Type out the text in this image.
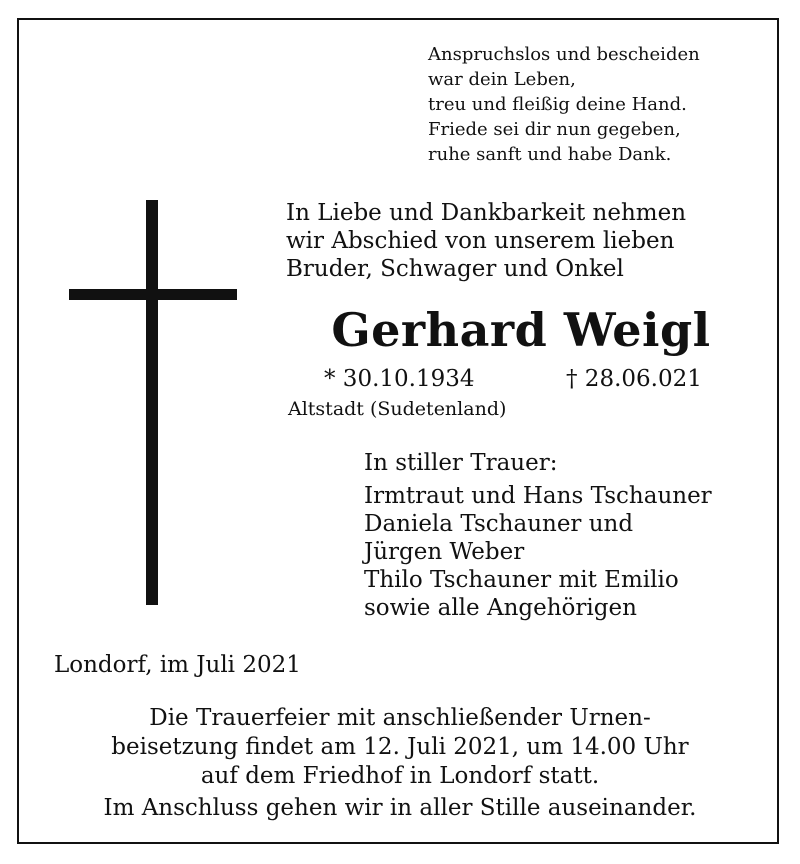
Anspruchslos und bescheiden
war dein Leben,
treu und fleißig deine Hand.
Friede sei dir nun gegeben,
ruhe sanft und habe Dank.
In Liebe und Dankbarkeit nehmen
wir Abschied von unserem lieben
Bruder, Schwager und Onkel
Gerhard Weigl
* 30.10.1934	† 28.06.021
Altstadt (Sudetenland)
In stiller Trauer:
Irmtraut und Hans Tschauner
Daniela Tschauner und
Jürgen Weber
Thilo Tschauner mit Emilio
sowie alle Angehörigen
Londorf, im Juli 2021
Die Trauerfeier mit anschließender Urnen-
beisetzung findet am 12. Juli 2021, um 14.00 Uhr
auf dem Friedhof in Londorf statt.
Im Anschluss gehen wir in aller Stille auseinander.
